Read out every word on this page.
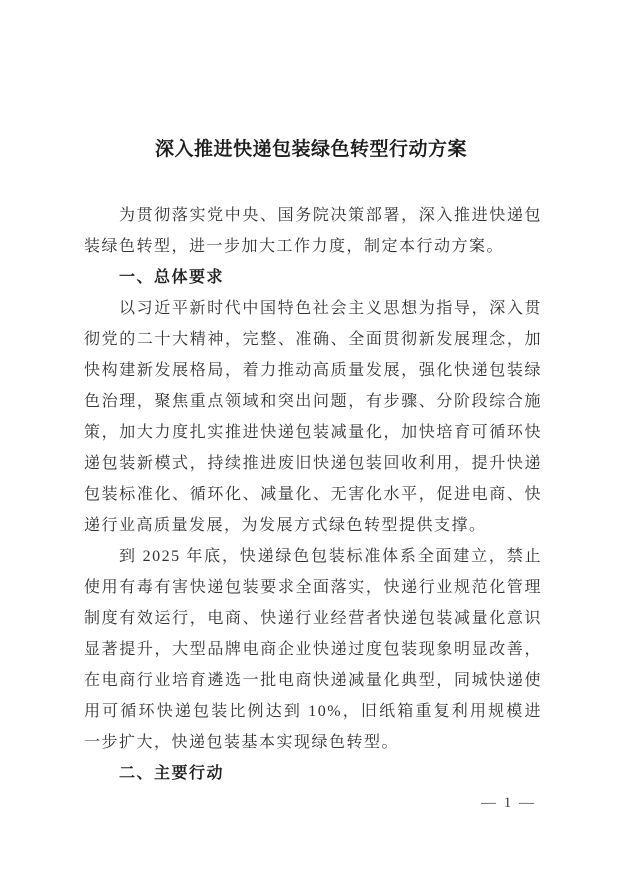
深入推进快递包装绿色转型行动方案

为贯彻落实党中央、国务院决策部署，深入推进快递包装绿色转型，进一步加大工作力度，制定本行动方案。

一、总体要求

以习近平新时代中国特色社会主义思想为指导，深入贯彻党的二十大精神，完整、准确、全面贯彻新发展理念，加快构建新发展格局，着力推动高质量发展，强化快递包装绿色治理，聚焦重点领域和突出问题，有步骤、分阶段综合施策，加大力度扎实推进快递包装减量化，加快培育可循环快递包装新模式，持续推进废旧快递包装回收利用，提升快递包装标准化、循环化、减量化、无害化水平，促进电商、快递行业高质量发展，为发展方式绿色转型提供支撑。

到 2025 年底，快递绿色包装标准体系全面建立，禁止使用有毒有害快递包装要求全面落实，快递行业规范化管理制度有效运行，电商、快递行业经营者快递包装减量化意识显著提升，大型品牌电商企业快递过度包装现象明显改善，在电商行业培育遴选一批电商快递减量化典型，同城快递使用可循环快递包装比例达到 10%，旧纸箱重复利用规模进一步扩大，快递包装基本实现绿色转型。

二、主要行动
— 1 —
